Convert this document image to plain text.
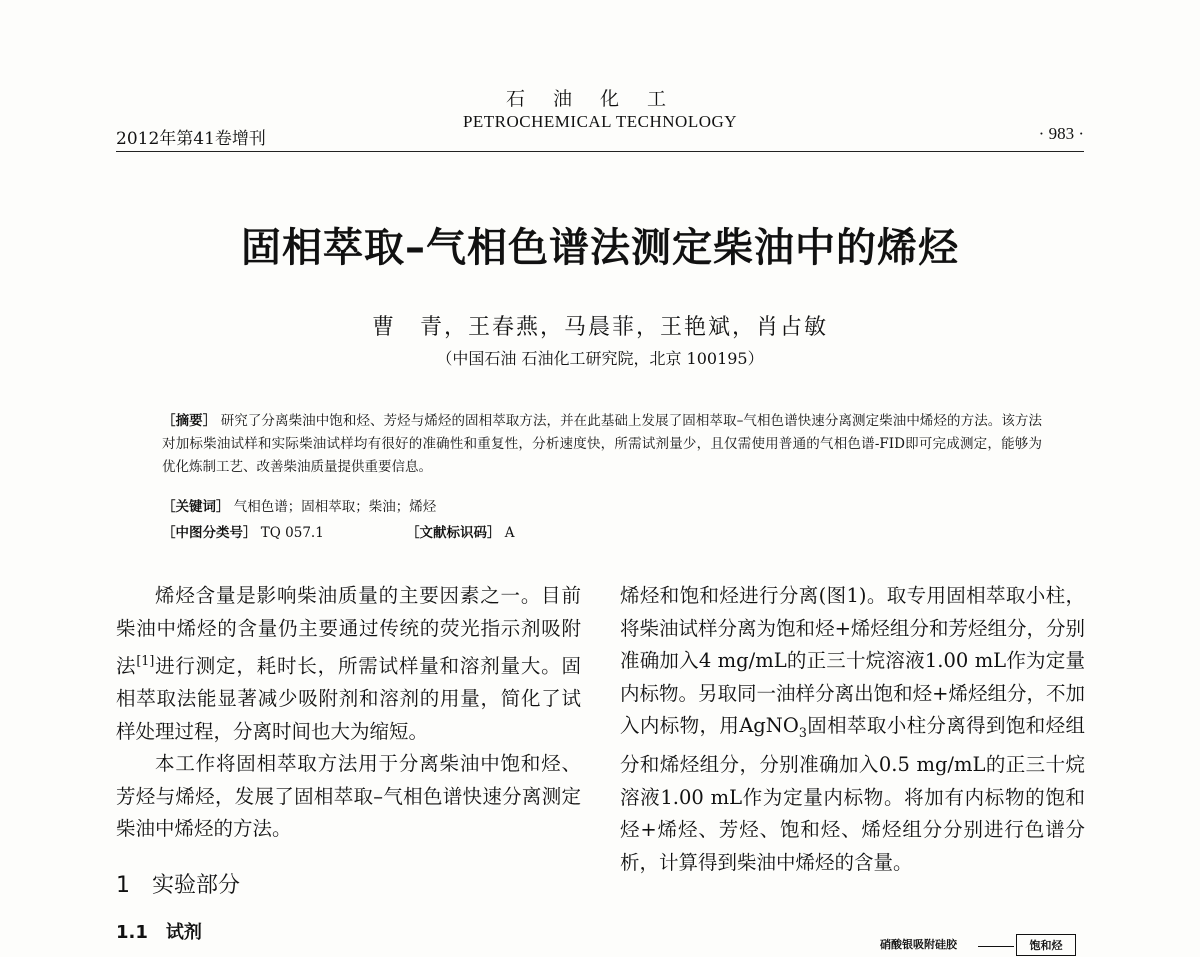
石油化工
PETROCHEMICAL TECHNOLOGY
2012年第41卷增刊	· 983 ·
固相萃取–气相色谱法测定柴油中的烯烃
曹　青，王春燕，马晨菲，王艳斌，肖占敏
（中国石油 石油化工研究院，北京 100195）
［摘要］ 研究了分离柴油中饱和烃、芳烃与烯烃的固相萃取方法，并在此基础上发展了固相萃取–气相色谱快速分离测定柴油中烯烃的方法。该方法对加标柴油试样和实际柴油试样均有很好的准确性和重复性，分析速度快，所需试剂量少，且仅需使用普通的气相色谱-FID即可完成测定，能够为优化炼制工艺、改善柴油质量提供重要信息。
［关键词］ 气相色谱；固相萃取；柴油；烯烃
［中图分类号］ TQ 057.1	［文献标识码］ A

烯烃含量是影响柴油质量的主要因素之一。目前柴油中烯烃的含量仍主要通过传统的荧光指示剂吸附法[1]进行测定，耗时长，所需试样量和溶剂量大。固相萃取法能显著减少吸附剂和溶剂的用量，简化了试样处理过程，分离时间也大为缩短。

本工作将固相萃取方法用于分离柴油中饱和烃、芳烃与烯烃，发展了固相萃取–气相色谱快速分离测定柴油中烯烃的方法。

1　实验部分
1.1　试剂

烯烃和饱和烃进行分离(图1)。取专用固相萃取小柱，将柴油试样分离为饱和烃+烯烃组分和芳烃组分，分别准确加入4 mg/mL的正三十烷溶液1.00 mL作为定量内标物。另取同一油样分离出饱和烃+烯烃组分，不加入内标物，用AgNO$_3$固相萃取小柱分离得到饱和烃组分和烯烃组分，分别准确加入0.5 mg/mL的正三十烷溶液1.00 mL作为定量内标物。将加有内标物的饱和烃+烯烃、芳烃、饱和烃、烯烃组分分别进行色谱分析，计算得到柴油中烯烃的含量。

硝酸银吸附硅胶	饱和烃
